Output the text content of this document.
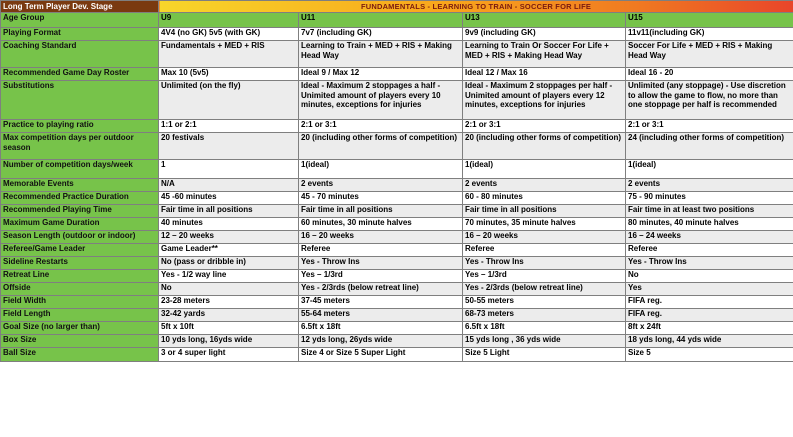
Long Term Player Dev. Stage	FUNDAMENTALS - LEARNING TO TRAIN - SOCCER FOR LIFE			
Age Group	U9	U11	U13	U15
Playing Format	4V4 (no GK) 5v5 (with GK)	7v7 (including GK)	9v9 (including GK)	11v11(including GK)
Coaching Standard	Fundamentals + MED + RIS	Learning to Train + MED + RIS + Making Head Way	Learning to Train Or Soccer For Life + MED + RIS + Making Head Way	Soccer For Life + MED + RIS + Making Head Way
Recommended Game Day Roster	Max 10 (5v5)	Ideal 9 / Max 12	Ideal 12 / Max 16	Ideal 16 - 20
Substitutions	Unlimited (on the fly)	Ideal - Maximum 2 stoppages a half - Unimited amount of players every 10 minutes, exceptions for injuries	Ideal - Maximum 2 stoppages per half - Unimited amount of players every 12 minutes, exceptions for injuries	Unlimited (any stoppage) - Use discretion to allow the game to flow, no more than one stoppage per half is recommended
Practice to playing ratio	1:1 or 2:1	2:1 or 3:1	2:1 or 3:1	2:1 or 3:1
Max competition days per outdoor season	20 festivals	20 (including other forms of competition)	20 (including other forms of competition)	24 (including other forms of competition)
Number of competition days/week	1	1(ideal)	1(ideal)	1(ideal)
Memorable Events	N/A	2 events	2 events	2 events
Recommended Practice Duration	45 -60 minutes	45 - 70 minutes	60 - 80 minutes	75 - 90 minutes
Recommended Playing Time	Fair time in all positions	Fair time in all positions	Fair time in all positions	Fair time in at least two positions
Maximum Game Duration	40 minutes	60 minutes, 30 minute halves	70 minutes, 35 minute halves	80 minutes, 40 minute halves
Season Length (outdoor or indoor)	12 – 20 weeks	16 – 20 weeks	16 – 20 weeks	16 – 24 weeks
Referee/Game Leader	Game Leader**	Referee	Referee	Referee
Sideline Restarts	No (pass or dribble in)	Yes - Throw Ins	Yes - Throw Ins	Yes - Throw Ins
Retreat Line	Yes - 1/2 way line	Yes – 1/3rd	Yes – 1/3rd	No
Offside	No	Yes - 2/3rds (below retreat line)	Yes - 2/3rds (below retreat line)	Yes
Field Width	23-28 meters	37-45 meters	50-55 meters	FIFA reg.
Field Length	32-42 yards	55-64 meters	68-73 meters	FIFA reg.
Goal Size (no larger than)	5ft x 10ft	6.5ft x 18ft	6.5ft x 18ft	8ft x 24ft
Box Size	10 yds long, 16yds wide	12 yds long, 26yds wide	15 yds long , 36 yds wide	18 yds long, 44 yds wide
Ball Size	3 or 4 super light	Size 4 or Size 5 Super Light	Size 5 Light	Size 5
